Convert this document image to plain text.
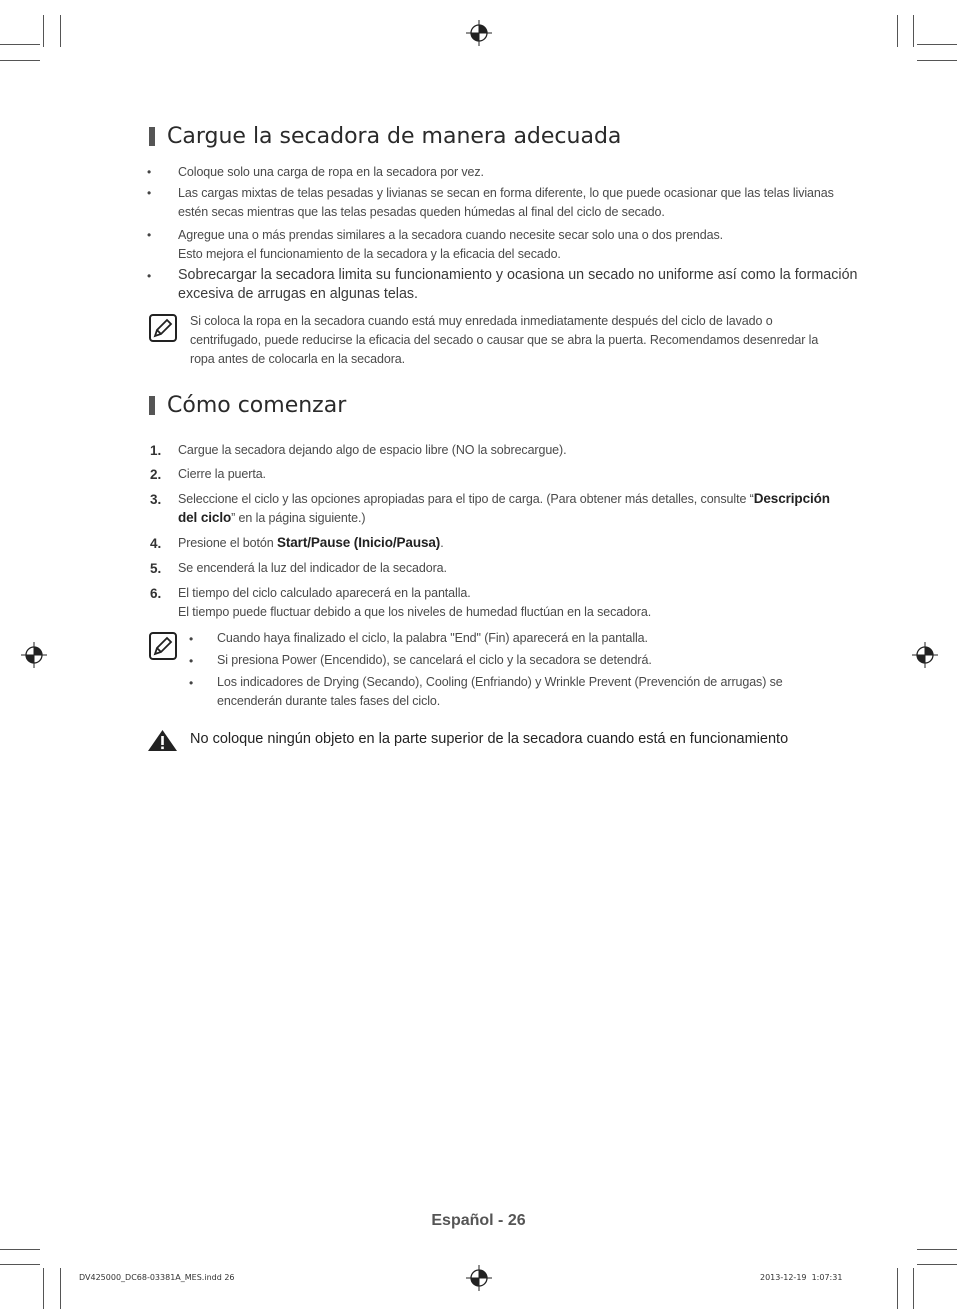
Cargue la secadora de manera adecuada
• Coloque solo una carga de ropa en la secadora por vez.
• Las cargas mixtas de telas pesadas y livianas se secan en forma diferente, lo que puede ocasionar que las telas livianas
estén secas mientras que las telas pesadas queden húmedas al final del ciclo de secado.
• Agregue una o más prendas similares a la secadora cuando necesite secar solo una o dos prendas.
Esto mejora el funcionamiento de la secadora y la eficacia del secado.
• Sobrecargar la secadora limita su funcionamiento y ocasiona un secado no uniforme así como la formación
excesiva de arrugas en algunas telas.
Si coloca la ropa en la secadora cuando está muy enredada inmediatamente después del ciclo de lavado o
centrifugado, puede reducirse la eficacia del secado o causar que se abra la puerta. Recomendamos desenredar la
ropa antes de colocarla en la secadora.
Cómo comenzar
1. Cargue la secadora dejando algo de espacio libre (NO la sobrecargue).
2. Cierre la puerta.
3. Seleccione el ciclo y las opciones apropiadas para el tipo de carga. (Para obtener más detalles, consulte “Descripción
del ciclo” en la página siguiente.)
4. Presione el botón Start/Pause (Inicio/Pausa).
5. Se encenderá la luz del indicador de la secadora.
6. El tiempo del ciclo calculado aparecerá en la pantalla.
El tiempo puede fluctuar debido a que los niveles de humedad fluctúan en la secadora.
• Cuando haya finalizado el ciclo, la palabra "End" (Fin) aparecerá en la pantalla.
• Si presiona Power (Encendido), se cancelará el ciclo y la secadora se detendrá.
• Los indicadores de Drying (Secando), Cooling (Enfriando) y Wrinkle Prevent (Prevención de arrugas) se
encenderán durante tales fases del ciclo.
No coloque ningún objeto en la parte superior de la secadora cuando está en funcionamiento
Español - 26
DV425000_DC68-03381A_MES.indd 26	2013-12-19 ￼￼ 1:07:31
